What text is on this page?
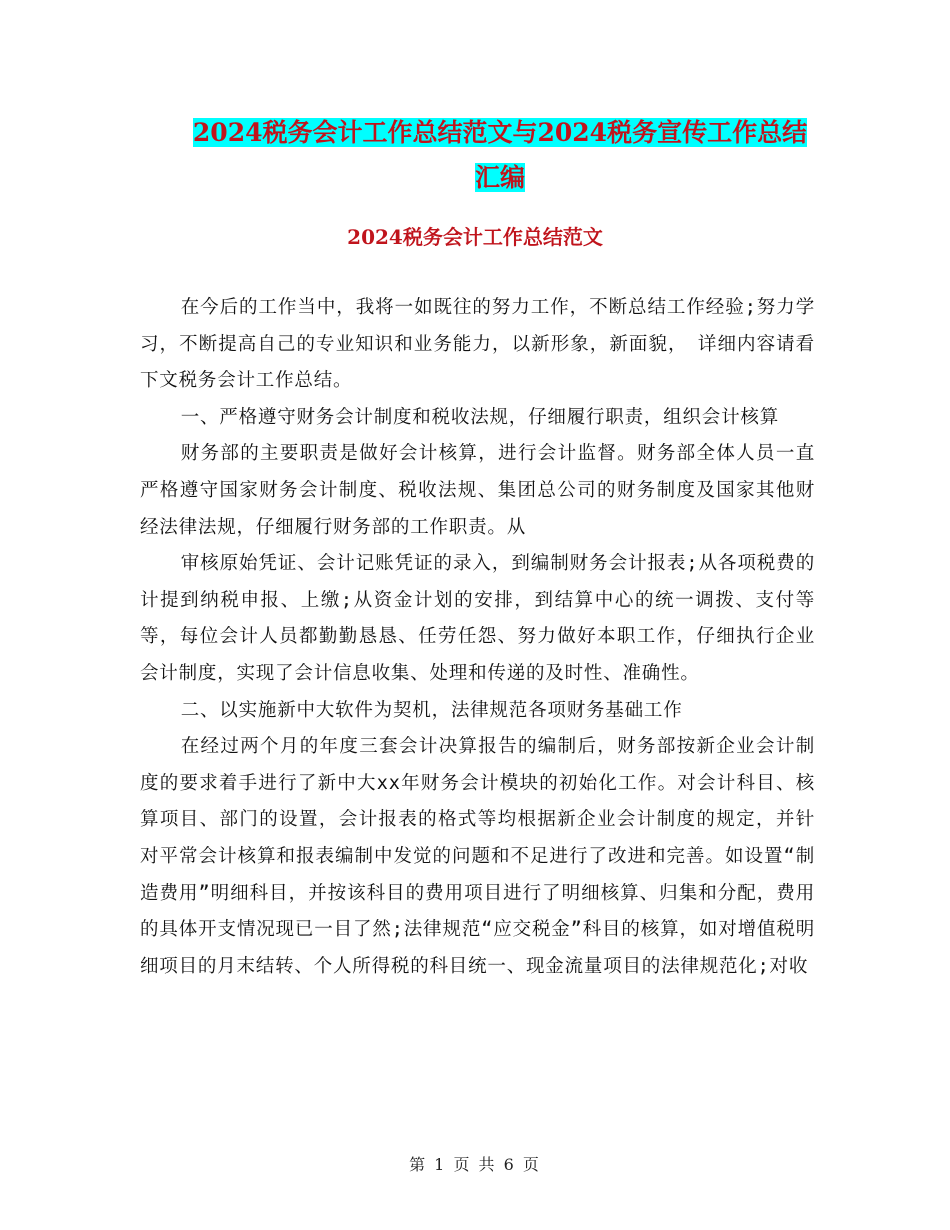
2024税务会计工作总结范文与2024税务宣传工作总结
汇编
2024税务会计工作总结范文

在今后的工作当中，我将一如既往的努力工作，不断总结工作经验;努力学习，不断提高自己的专业知识和业务能力，以新形象，新面貌，　详细内容请看下文税务会计工作总结。

一、严格遵守财务会计制度和税收法规，仔细履行职责，组织会计核算

财务部的主要职责是做好会计核算，进行会计监督。财务部全体人员一直严格遵守国家财务会计制度、税收法规、集团总公司的财务制度及国家其他财经法律法规，仔细履行财务部的工作职责。从

审核原始凭证、会计记账凭证的录入，到编制财务会计报表;从各项税费的计提到纳税申报、上缴;从资金计划的安排，到结算中心的统一调拨、支付等等，每位会计人员都勤勤恳恳、任劳任怨、努力做好本职工作，仔细执行企业会计制度，实现了会计信息收集、处理和传递的及时性、准确性。

二、以实施新中大软件为契机，法律规范各项财务基础工作

在经过两个月的年度三套会计决算报告的编制后，财务部按新企业会计制度的要求着手进行了新中大xx年财务会计模块的初始化工作。对会计科目、核算项目、部门的设置，会计报表的格式等均根据新企业会计制度的规定，并针对平常会计核算和报表编制中发觉的问题和不足进行了改进和完善。如设置“制造费用”明细科目，并按该科目的费用项目进行了明细核算、归集和分配，费用的具体开支情况现已一目了然;法律规范“应交税金”科目的核算，如对增值税明细项目的月末结转、个人所得税的科目统一、现金流量项目的法律规范化;对收

第 1 页 共 6 页
